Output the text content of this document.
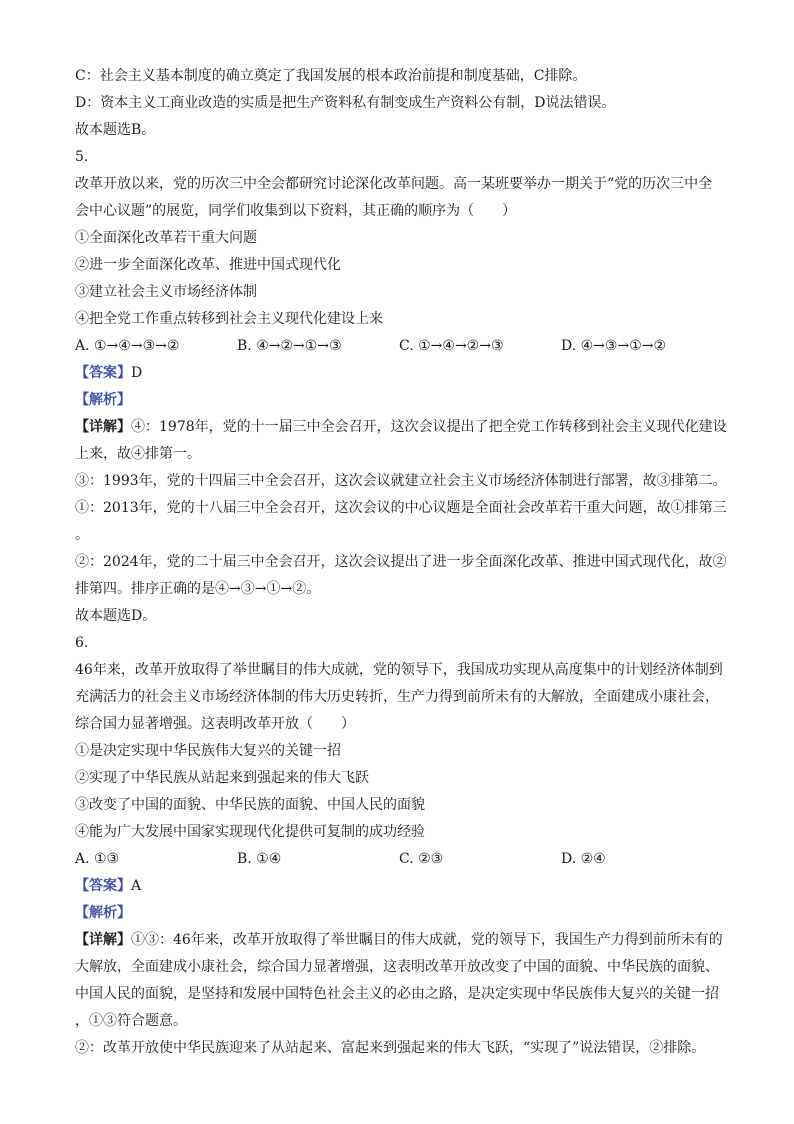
C：社会主义基本制度的确立奠定了我国发展的根本政治前提和制度基础，C排除。
D：资本主义工商业改造的实质是把生产资料私有制变成生产资料公有制，D说法错误。
故本题选B。
5.
改革开放以来，党的历次三中全会都研究讨论深化改革问题。高一某班要举办一期关于“党的历次三中全
会中心议题”的展览，同学们收集到以下资料，其正确的顺序为（　　）
①全面深化改革若干重大问题
②进一步全面深化改革、推进中国式现代化
③建立社会主义市场经济体制
④把全党工作重点转移到社会主义现代化建设上来
A. ①→④→③→②	B. ④→②→①→③	C. ①→④→②→③	D. ④→③→①→②
【答案】D
【解析】
【详解】④：1978年，党的十一届三中全会召开，这次会议提出了把全党工作转移到社会主义现代化建设
上来，故④排第一。
③：1993年，党的十四届三中全会召开，这次会议就建立社会主义市场经济体制进行部署，故③排第二。
①：2013年，党的十八届三中全会召开，这次会议的中心议题是全面社会改革若干重大问题，故①排第三
。
②：2024年，党的二十届三中全会召开，这次会议提出了进一步全面深化改革、推进中国式现代化，故②
排第四。排序正确的是④→③→①→②。
故本题选D。
6.
46年来，改革开放取得了举世瞩目的伟大成就，党的领导下，我国成功实现从高度集中的计划经济体制到
充满活力的社会主义市场经济体制的伟大历史转折，生产力得到前所未有的大解放，全面建成小康社会，
综合国力显著增强。这表明改革开放（　　）
①是决定实现中华民族伟大复兴的关键一招
②实现了中华民族从站起来到强起来的伟大飞跃
③改变了中国的面貌、中华民族的面貌、中国人民的面貌
④能为广大发展中国家实现现代化提供可复制的成功经验
A. ①③	B. ①④	C. ②③	D. ②④
【答案】A
【解析】
【详解】①③：46年来，改革开放取得了举世瞩目的伟大成就，党的领导下，我国生产力得到前所未有的
大解放，全面建成小康社会，综合国力显著增强，这表明改革开放改变了中国的面貌、中华民族的面貌、
中国人民的面貌，是坚持和发展中国特色社会主义的必由之路，是决定实现中华民族伟大复兴的关键一招
，①③符合题意。
②：改革开放使中华民族迎来了从站起来、富起来到强起来的伟大飞跃，“实现了”说法错误，②排除。
